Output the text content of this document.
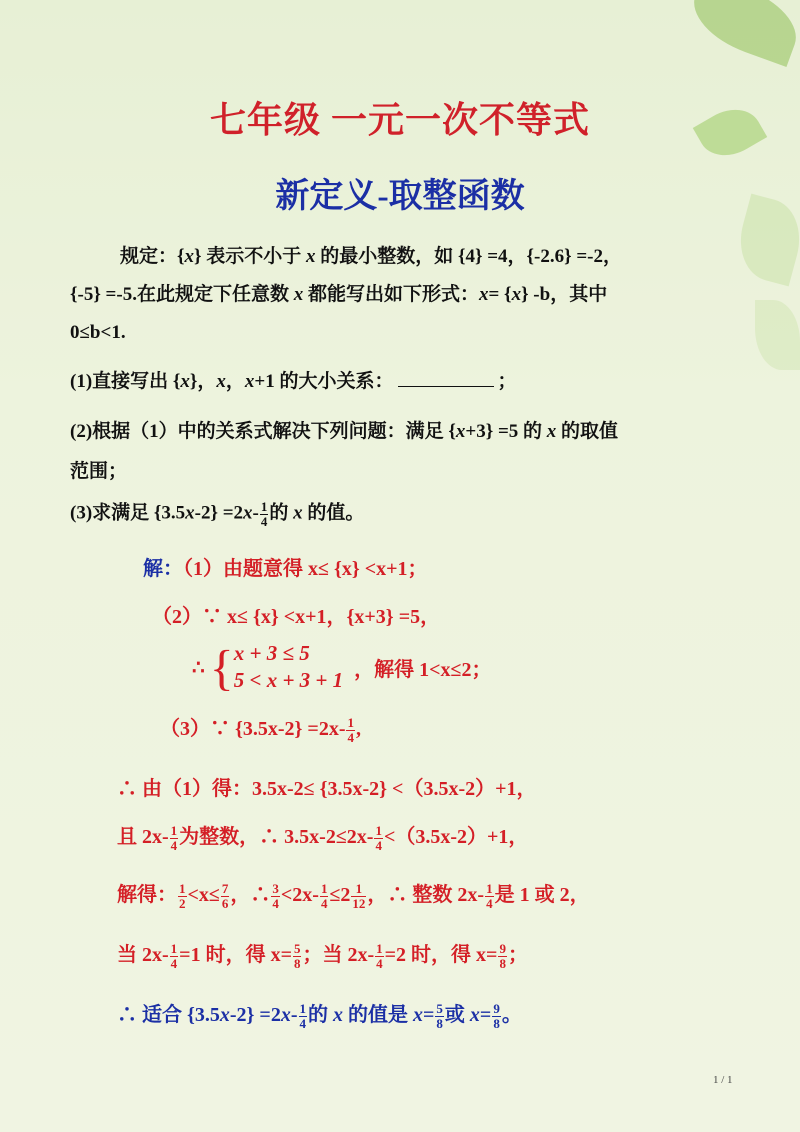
七年级 一元一次不等式
新定义-取整函数
规定：{x} 表示不小于 x 的最小整数，如 {4} =4，{-2.6} =-2，
{-5} =-5.在此规定下任意数 x 都能写出如下形式：x= {x} -b，其中
0≤b<1.
(1)直接写出 {x}，x，x+1 的大小关系：	；
(2)根据（1）中的关系式解决下列问题：满足 {x+3} =5 的 x 的取值
范围；
(3)求满足 $\{3.5x-2\} =2x- \frac{1}{4}$ 的 x 的值。
解：（1）由题意得 x≤ {x} <x+1；
（2）∵ x≤ {x} <x+1，{x+3} =5，
∴ { x + 3 ≤ 5
5 < x + 3 + 1 ，解得 1<x≤2；
（3）∵ $\{3.5x-2\} =2x- \frac{1}{4}$ ,
∴ 由（1）得：3.5x-2≤ {3.5x-2} <（3.5x-2）+1，
且 $2x- \frac{1}{4}$ 为整数，∴ $3.5x-2\le 2x- \frac{1}{4} <(3.5x-2)+1$，
解得： $\frac{1}{2} <x\le \frac{7}{6}$ ，∴ $\frac{3}{4} <2x- \frac{1}{4} \le 2 \frac{1}{12}$ ，∴ 整数 $2x- \frac{1}{4}$ 是 1 或 2，
当 $2x- \frac{1}{4} =1$ 时，得 $x= \frac{5}{8}$ ；当 $2x- \frac{1}{4} =2$ 时，得 $x= \frac{9}{8}$ ；
∴ 适合 $\{3.5x-2\} =2x- \frac{1}{4}$ 的 x 的值是 $x= \frac{5}{8}$ 或 $x= \frac{9}{8}$ 。
1 / 1
